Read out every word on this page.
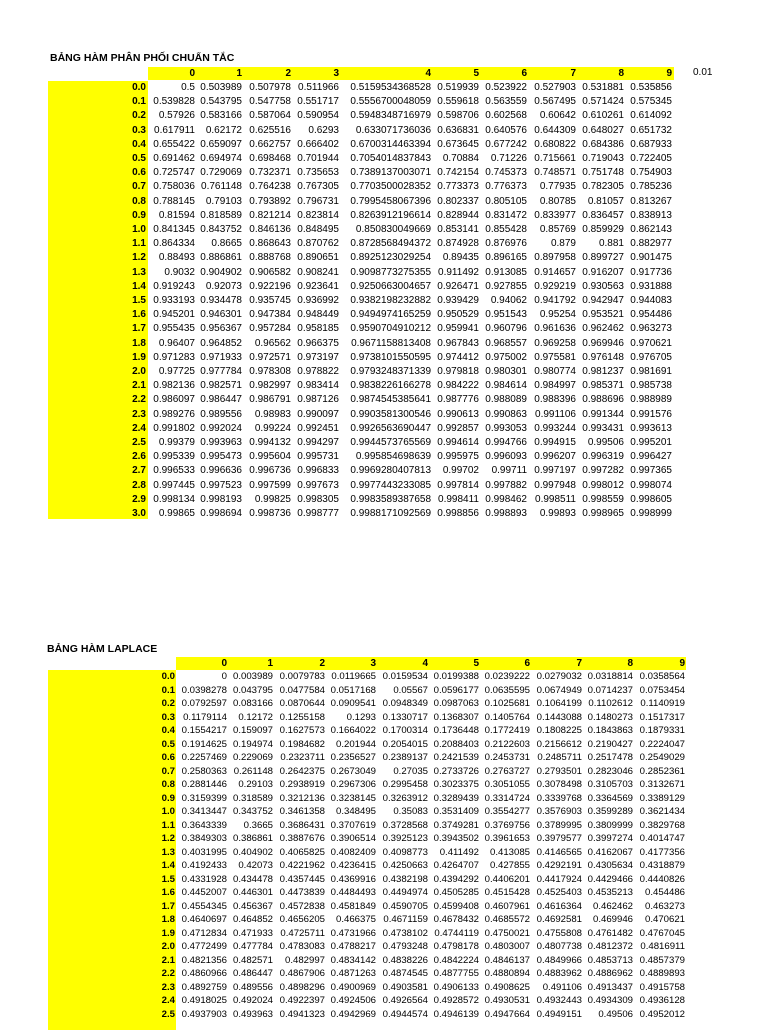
BẢNG HÀM PHÂN PHỐI CHUẨN TẮC
0	1	2	3	4	5	6	7	8	9 0.01
0.0	0.5 0.503989 0.507978 0.511966	0.5159534368528 0.519939 0.523922 0.527903 0.531881 0.535856
0.1 0.539828 0.543795 0.547758 0.551717	0.5556700048059 0.559618 0.563559 0.567495 0.571424 0.575345
0.2	0.57926 0.583166 0.587064 0.590954	0.5948348716979 0.598706 0.602568	0.60642 0.610261 0.614092
0.3 0.617911	0.62172 0.625516	0.6293	0.633071736036 0.636831 0.640576 0.644309 0.648027 0.651732
0.4 0.655422 0.659097 0.662757 0.666402	0.6700314463394 0.673645 0.677242 0.680822 0.684386 0.687933
0.5 0.691462 0.694974 0.698468 0.701944	0.7054014837843	0.70884	0.71226 0.715661 0.719043 0.722405
0.6 0.725747 0.729069 0.732371 0.735653	0.7389137003071 0.742154 0.745373 0.748571 0.751748 0.754903
0.7 0.758036 0.761148 0.764238 0.767305	0.7703500028352 0.773373 0.776373	0.77935 0.782305 0.785236
0.8 0.788145	0.79103 0.793892 0.796731	0.7995458067396 0.802337 0.805105	0.80785	0.81057 0.813267
0.9	0.81594 0.818589 0.821214 0.823814	0.8263912196614 0.828944 0.831472 0.833977 0.836457 0.838913
1.0 0.841345 0.843752 0.846136 0.848495	0.850830049669 0.853141 0.855428	0.85769 0.859929 0.862143
1.1 0.864334	0.8665 0.868643 0.870762	0.8728568494372 0.874928 0.876976	0.879	0.881 0.882977
1.2	0.88493 0.886861 0.888768 0.890651	0.8925123029254	0.89435 0.896165 0.897958 0.899727 0.901475
1.3	0.9032 0.904902 0.906582 0.908241	0.9098773275355 0.911492 0.913085 0.914657 0.916207 0.917736
1.4 0.919243	0.92073 0.922196 0.923641	0.9250663004657 0.926471 0.927855 0.929219 0.930563 0.931888
1.5 0.933193 0.934478 0.935745 0.936992	0.9382198232882 0.939429	0.94062 0.941792 0.942947 0.944083
1.6 0.945201 0.946301 0.947384 0.948449	0.9494974165259 0.950529 0.951543	0.95254 0.953521 0.954486
1.7 0.955435 0.956367 0.957284 0.958185	0.9590704910212 0.959941 0.960796 0.961636 0.962462 0.963273
1.8	0.96407 0.964852	0.96562 0.966375	0.9671158813408 0.967843 0.968557 0.969258 0.969946 0.970621
1.9 0.971283 0.971933 0.972571 0.973197	0.9738101550595 0.974412 0.975002 0.975581 0.976148 0.976705
2.0	0.97725 0.977784 0.978308 0.978822	0.9793248371339 0.979818 0.980301 0.980774 0.981237 0.981691
2.1 0.982136 0.982571 0.982997 0.983414	0.9838226166278 0.984222 0.984614 0.984997 0.985371 0.985738
2.2 0.986097 0.986447 0.986791 0.987126	0.9874545385641 0.987776 0.988089 0.988396 0.988696 0.988989
2.3 0.989276 0.989556	0.98983 0.990097	0.9903581300546 0.990613 0.990863 0.991106 0.991344 0.991576
2.4 0.991802 0.992024	0.99224 0.992451	0.9926563690447 0.992857 0.993053 0.993244 0.993431 0.993613
2.5	0.99379 0.993963 0.994132 0.994297	0.9944573765569 0.994614 0.994766 0.994915	0.99506 0.995201
2.6 0.995339 0.995473 0.995604 0.995731	0.995854698639 0.995975 0.996093 0.996207 0.996319 0.996427
2.7 0.996533 0.996636 0.996736 0.996833	0.9969280407813	0.99702	0.99711 0.997197 0.997282 0.997365
2.8 0.997445 0.997523 0.997599 0.997673	0.9977443233085 0.997814 0.997882 0.997948 0.998012 0.998074
2.9 0.998134 0.998193	0.99825 0.998305	0.9983589387658 0.998411 0.998462 0.998511 0.998559 0.998605
3.0	0.99865 0.998694 0.998736 0.998777	0.9988171092569 0.998856 0.998893	0.99893 0.998965 0.998999
BẢNG HÀM LAPLACE
0	1	2	3	4	5	6	7	8	9
0.0	0 0.003989 0.0079783 0.0119665 0.0159534 0.0199388 0.0239222 0.0279032 0.0318814 0.0358564
0.1 0.0398278 0.043795 0.0477584 0.0517168	0.05567 0.0596177 0.0635595 0.0674949 0.0714237 0.0753454
0.2 0.0792597 0.083166 0.0870644 0.0909541 0.0948349 0.0987063 0.1025681 0.1064199 0.1102612 0.1140919
0.3 0.1179114	0.12172 0.1255158	0.1293 0.1330717 0.1368307 0.1405764 0.1443088 0.1480273 0.1517317
0.4 0.1554217 0.159097 0.1627573 0.1664022 0.1700314 0.1736448 0.1772419 0.1808225 0.1843863 0.1879331
0.5 0.1914625 0.194974 0.1984682	0.201944 0.2054015 0.2088403 0.2122603 0.2156612 0.2190427 0.2224047
0.6 0.2257469 0.229069 0.2323711 0.2356527 0.2389137 0.2421539 0.2453731 0.2485711 0.2517478 0.2549029
0.7 0.2580363 0.261148 0.2642375 0.2673049	0.27035 0.2733726 0.2763727 0.2793501 0.2823046 0.2852361
0.8 0.2881446	0.29103 0.2938919 0.2967306 0.2995458 0.3023375 0.3051055 0.3078498 0.3105703 0.3132671
0.9 0.3159399 0.318589 0.3212136 0.3238145 0.3263912 0.3289439 0.3314724 0.3339768 0.3364569 0.3389129
1.0 0.3413447 0.343752 0.3461358	0.348495	0.35083 0.3531409 0.3554277 0.3576903 0.3599289 0.3621434
1.1 0.3643339	0.3665 0.3686431 0.3707619 0.3728568 0.3749281 0.3769756 0.3789995 0.3809999 0.3829768
1.2 0.3849303 0.386861 0.3887676 0.3906514 0.3925123 0.3943502 0.3961653 0.3979577 0.3997274 0.4014747
1.3 0.4031995 0.404902 0.4065825 0.4082409 0.4098773	0.411492	0.413085 0.4146565 0.4162067 0.4177356
1.4 0.4192433	0.42073 0.4221962 0.4236415 0.4250663 0.4264707	0.427855 0.4292191 0.4305634 0.4318879
1.5 0.4331928 0.434478 0.4357445 0.4369916 0.4382198 0.4394292 0.4406201 0.4417924 0.4429466 0.4440826
1.6 0.4452007 0.446301 0.4473839 0.4484493 0.4494974 0.4505285 0.4515428 0.4525403 0.4535213	0.454486
1.7 0.4554345 0.456367 0.4572838 0.4581849 0.4590705 0.4599408 0.4607961 0.4616364	0.462462	0.463273
1.8 0.4640697 0.464852 0.4656205	0.466375 0.4671159 0.4678432 0.4685572 0.4692581	0.469946	0.470621
1.9 0.4712834 0.471933 0.4725711 0.4731966 0.4738102 0.4744119 0.4750021 0.4755808 0.4761482 0.4767045
2.0 0.4772499 0.477784 0.4783083 0.4788217 0.4793248 0.4798178 0.4803007 0.4807738 0.4812372 0.4816911
2.1 0.4821356 0.482571	0.482997 0.4834142 0.4838226 0.4842224 0.4846137 0.4849966 0.4853713 0.4857379
2.2 0.4860966 0.486447 0.4867906 0.4871263 0.4874545 0.4877755 0.4880894 0.4883962 0.4886962 0.4889893
2.3 0.4892759 0.489556 0.4898296 0.4900969 0.4903581 0.4906133 0.4908625	0.491106 0.4913437 0.4915758
2.4 0.4918025 0.492024 0.4922397 0.4924506 0.4926564 0.4928572 0.4930531 0.4932443 0.4934309 0.4936128
2.5 0.4937903 0.493963 0.4941323 0.4942969 0.4944574 0.4946139 0.4947664 0.4949151	0.49506 0.4952012
